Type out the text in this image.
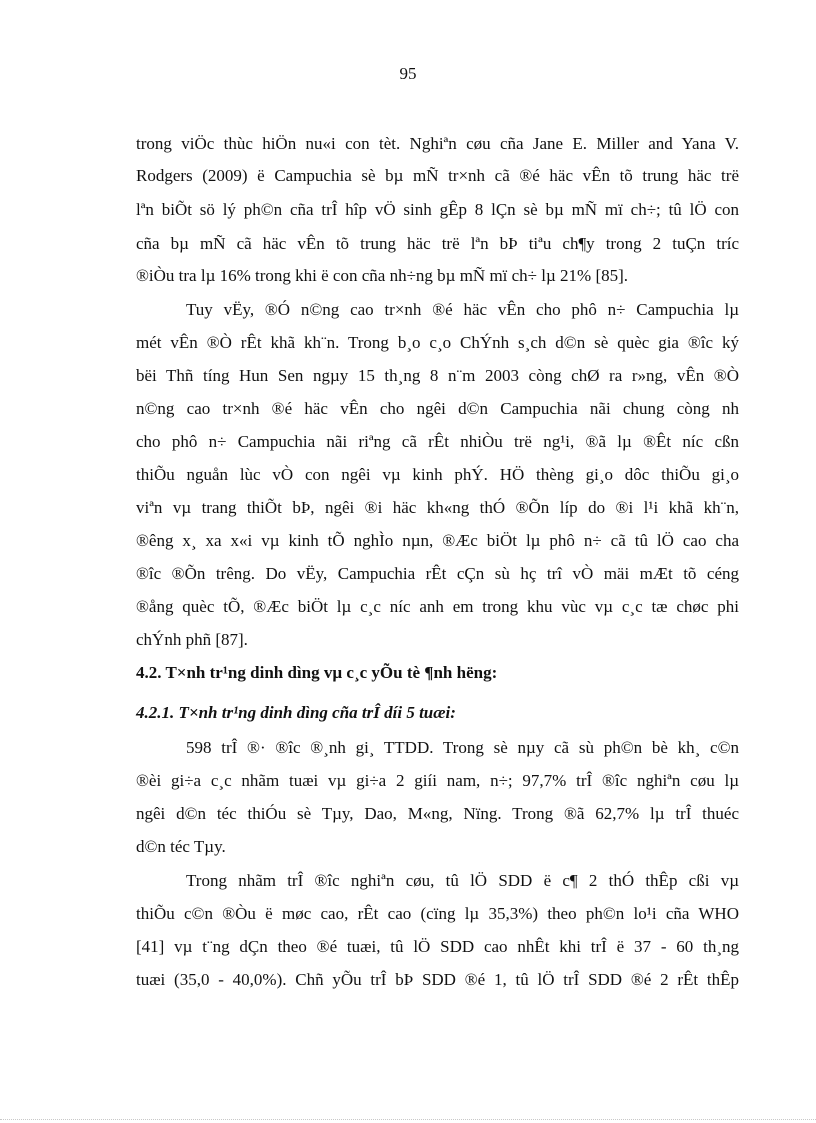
95
trong viÖc thùc hiÖn nu«i con tèt. Nghiªn cøu cña Jane E. Miller and Yana V.
Rodgers (2009) ë Campuchia sè bµ mÑ tr×nh cã ®é häc vÊn tõ trung häc trë
lªn biÕt sö lý ph©n cña trÎ hîp vÖ sinh gÊp 8 lÇn sè bµ mÑ mï ch÷; tû lÖ con
cña bµ mÑ cã häc vÊn tõ trung häc trë lªn bÞ tiªu ch¶y trong 2 tuÇn tríc
®iÒu tra lµ 16% trong khi ë con cña nh÷ng bµ mÑ mï ch÷ lµ 21% [85].
Tuy vËy, ®Ó n©ng cao tr×nh ®é häc vÊn cho phô n÷ Campuchia lµ
mét vÊn ®Ò rÊt khã kh¨n. Trong b¸o c¸o ChÝnh s¸ch d©n sè quèc gia ®îc ký
bëi Thñ tíng Hun Sen ngµy 15 th¸ng 8 n¨m 2003 còng chØ ra r»ng, vÊn ®Ò
n©ng cao tr×nh ®é häc vÊn cho ngêi d©n Campuchia nãi chung còng nh
cho phô n÷ Campuchia nãi riªng cã rÊt nhiÒu trë ng¹i, ®ã lµ ®Êt níc cßn
thiÕu nguån lùc vÒ con ngêi vµ kinh phÝ. HÖ thèng gi¸o dôc thiÕu gi¸o
viªn vµ trang thiÕt bÞ, ngêi ®i häc kh«ng thÓ ®Õn líp do ®i l¹i khã kh¨n,
®êng x¸ xa x«i vµ kinh tÕ nghÌo nµn, ®Æc biÖt lµ phô n÷ cã tû lÖ cao cha
®îc ®Õn trêng. Do vËy, Campuchia rÊt cÇn sù hç trî vÒ mäi mÆt tõ céng
®ång quèc tÕ, ®Æc biÖt lµ c¸c níc anh em trong khu vùc vµ c¸c tæ chøc phi
chÝnh phñ [87].
4.2. T×nh tr¹ng dinh dìng vµ c¸c yÕu tè ¶nh hëng:
4.2.1. T×nh tr¹ng dinh dìng cña trÎ díi 5 tuæi:
598 trÎ ®· ®îc ®¸nh gi¸ TTDD. Trong sè nµy cã sù ph©n bè kh¸ c©n
®èi gi÷a c¸c nhãm tuæi vµ gi÷a 2 giíi nam, n÷; 97,7% trÎ ®îc nghiªn cøu lµ
ngêi d©n téc thiÓu sè Tµy, Dao, M«ng, Nïng. Trong ®ã 62,7% lµ trÎ thuéc
d©n téc Tµy.
Trong nhãm trÎ ®îc nghiªn cøu, tû lÖ SDD ë c¶ 2 thÓ thÊp cßi vµ
thiÕu c©n ®Òu ë møc cao, rÊt cao (cïng lµ 35,3%) theo ph©n lo¹i cña WHO
[41] vµ t¨ng dÇn theo ®é tuæi, tû lÖ SDD cao nhÊt khi trÎ ë 37 - 60 th¸ng
tuæi (35,0 - 40,0%). Chñ yÕu trÎ bÞ SDD ®é 1, tû lÖ trÎ SDD ®é 2 rÊt thÊp
